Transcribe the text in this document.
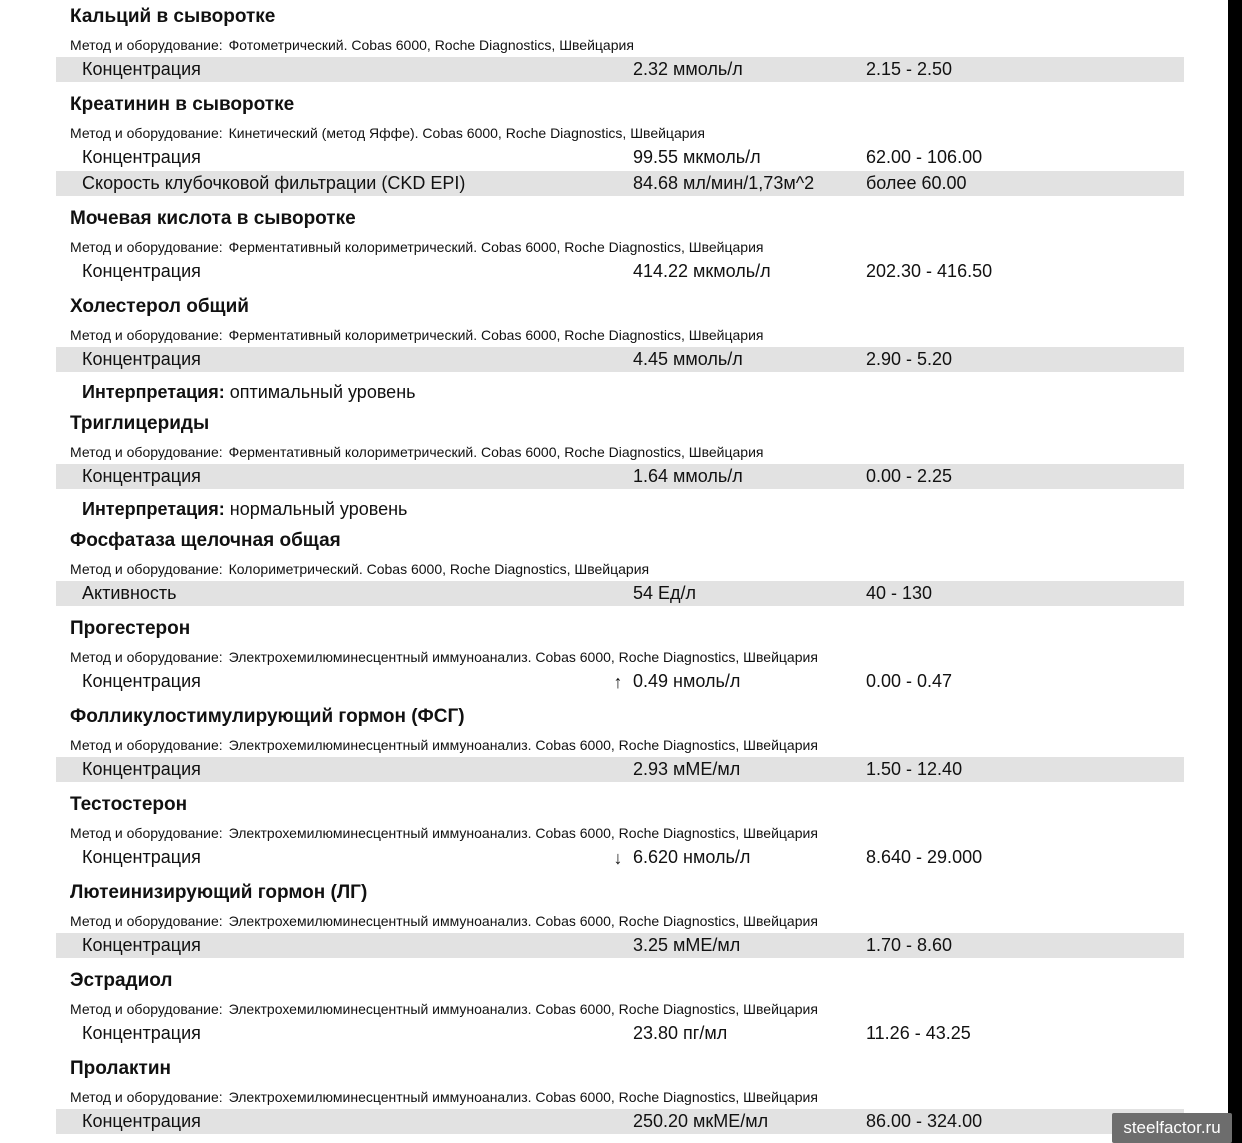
Кальций в сыворотке
Метод и оборудование: Фотометрический. Cobas 6000, Roche Diagnostics, Швейцария
Концентрация	2.32 ммоль/л	2.15 - 2.50
Креатинин в сыворотке
Метод и оборудование: Кинетический (метод Яффе). Cobas 6000, Roche Diagnostics, Швейцария
Концентрация	99.55 мкмоль/л	62.00 - 106.00
Скорость клубочковой фильтрации (CKD EPI)	84.68 мл/мин/1,73м^2	более 60.00
Мочевая кислота в сыворотке
Метод и оборудование: Ферментативный колориметрический. Cobas 6000, Roche Diagnostics, Швейцария
Концентрация	414.22 мкмоль/л	202.30 - 416.50
Холестерол общий
Метод и оборудование: Ферментативный колориметрический. Cobas 6000, Roche Diagnostics, Швейцария
Концентрация	4.45 ммоль/л	2.90 - 5.20
Интерпретация: оптимальный уровень
Триглицериды
Метод и оборудование: Ферментативный колориметрический. Cobas 6000, Roche Diagnostics, Швейцария
Концентрация	1.64 ммоль/л	0.00 - 2.25
Интерпретация: нормальный уровень
Фосфатаза щелочная общая
Метод и оборудование: Колориметрический. Cobas 6000, Roche Diagnostics, Швейцария
Активность	54 Ед/л	40 - 130
Прогестерон
Метод и оборудование: Электрохемилюминесцентный иммуноанализ. Cobas 6000, Roche Diagnostics, Швейцария
Концентрация	↑ 0.49 нмоль/л	0.00 - 0.47
Фолликулостимулирующий гормон (ФСГ)
Метод и оборудование: Электрохемилюминесцентный иммуноанализ. Cobas 6000, Roche Diagnostics, Швейцария
Концентрация	2.93 мМЕ/мл	1.50 - 12.40
Тестостерон
Метод и оборудование: Электрохемилюминесцентный иммуноанализ. Cobas 6000, Roche Diagnostics, Швейцария
Концентрация	↓ 6.620 нмоль/л	8.640 - 29.000
Лютеинизирующий гормон (ЛГ)
Метод и оборудование: Электрохемилюминесцентный иммуноанализ. Cobas 6000, Roche Diagnostics, Швейцария
Концентрация	3.25 мМЕ/мл	1.70 - 8.60
Эстрадиол
Метод и оборудование: Электрохемилюминесцентный иммуноанализ. Cobas 6000, Roche Diagnostics, Швейцария
Концентрация	23.80 пг/мл	11.26 - 43.25
Пролактин
Метод и оборудование: Электрохемилюминесцентный иммуноанализ. Cobas 6000, Roche Diagnostics, Швейцария
Концентрация	250.20 мкМЕ/мл	86.00 - 324.00	steelfactor.ru
